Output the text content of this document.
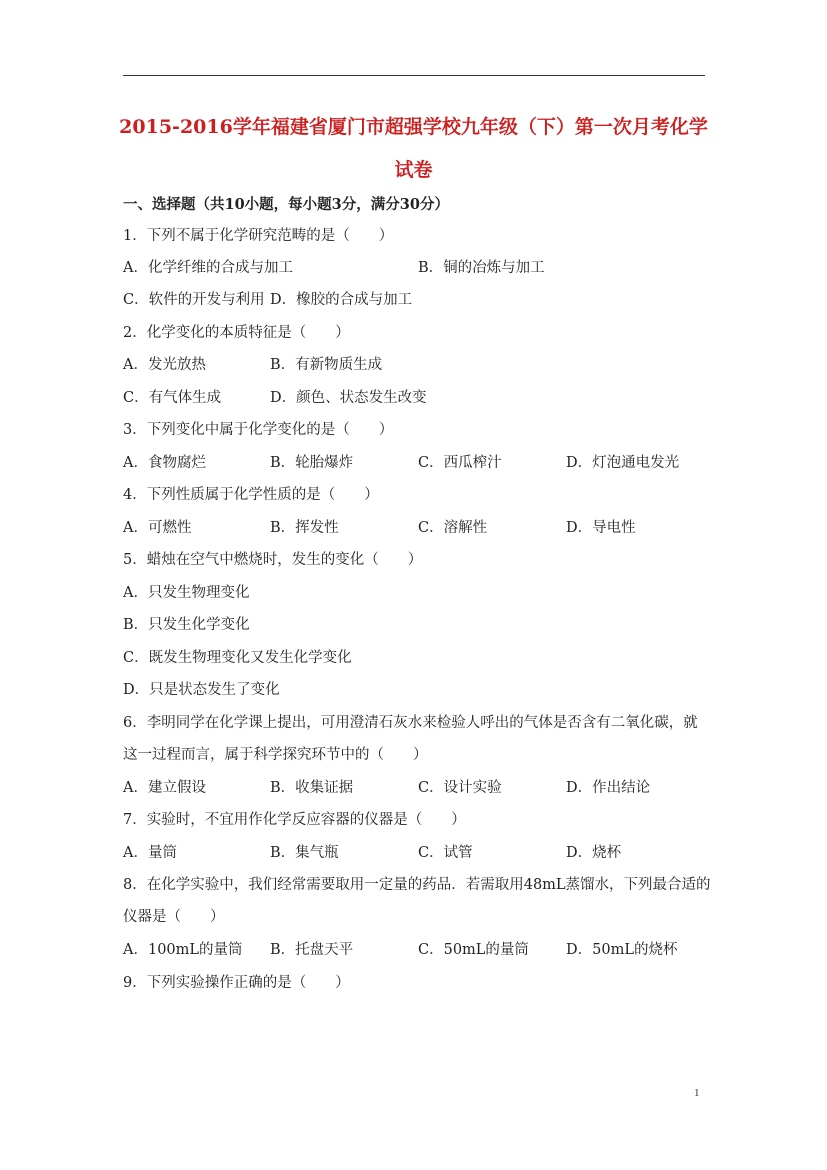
2015-2016学年福建省厦门市超强学校九年级（下）第一次月考化学
试卷
一、选择题（共10小题，每小题3分，满分30分）
1．下列不属于化学研究范畴的是（　　）
A．化学纤维的合成与加工	B．铜的冶炼与加工
C．软件的开发与利用 D．橡胶的合成与加工
2．化学变化的本质特征是（　　）
A．发光放热	B．有新物质生成
C．有气体生成	D．颜色、状态发生改变
3．下列变化中属于化学变化的是（　　）
A．食物腐烂	B．轮胎爆炸	C．西瓜榨汁	D．灯泡通电发光
4．下列性质属于化学性质的是（　　）
A．可燃性	B．挥发性	C．溶解性	D．导电性
5．蜡烛在空气中燃烧时，发生的变化（　　）
A．只发生物理变化
B．只发生化学变化
C．既发生物理变化又发生化学变化
D．只是状态发生了变化
6．李明同学在化学课上提出，可用澄清石灰水来检验人呼出的气体是否含有二氧化碳，就
这一过程而言，属于科学探究环节中的（　　）
A．建立假设	B．收集证据	C．设计实验	D．作出结论
7．实验时，不宜用作化学反应容器的仪器是（　　）
A．量筒	B．集气瓶	C．试管	D．烧杯
8．在化学实验中，我们经常需要取用一定量的药品．若需取用48mL蒸馏水，下列最合适的
仪器是（　　）
A．100mL的量筒 B．托盘天平	C．50mL的量筒	D．50mL的烧杯
9．下列实验操作正确的是（　　）
1
